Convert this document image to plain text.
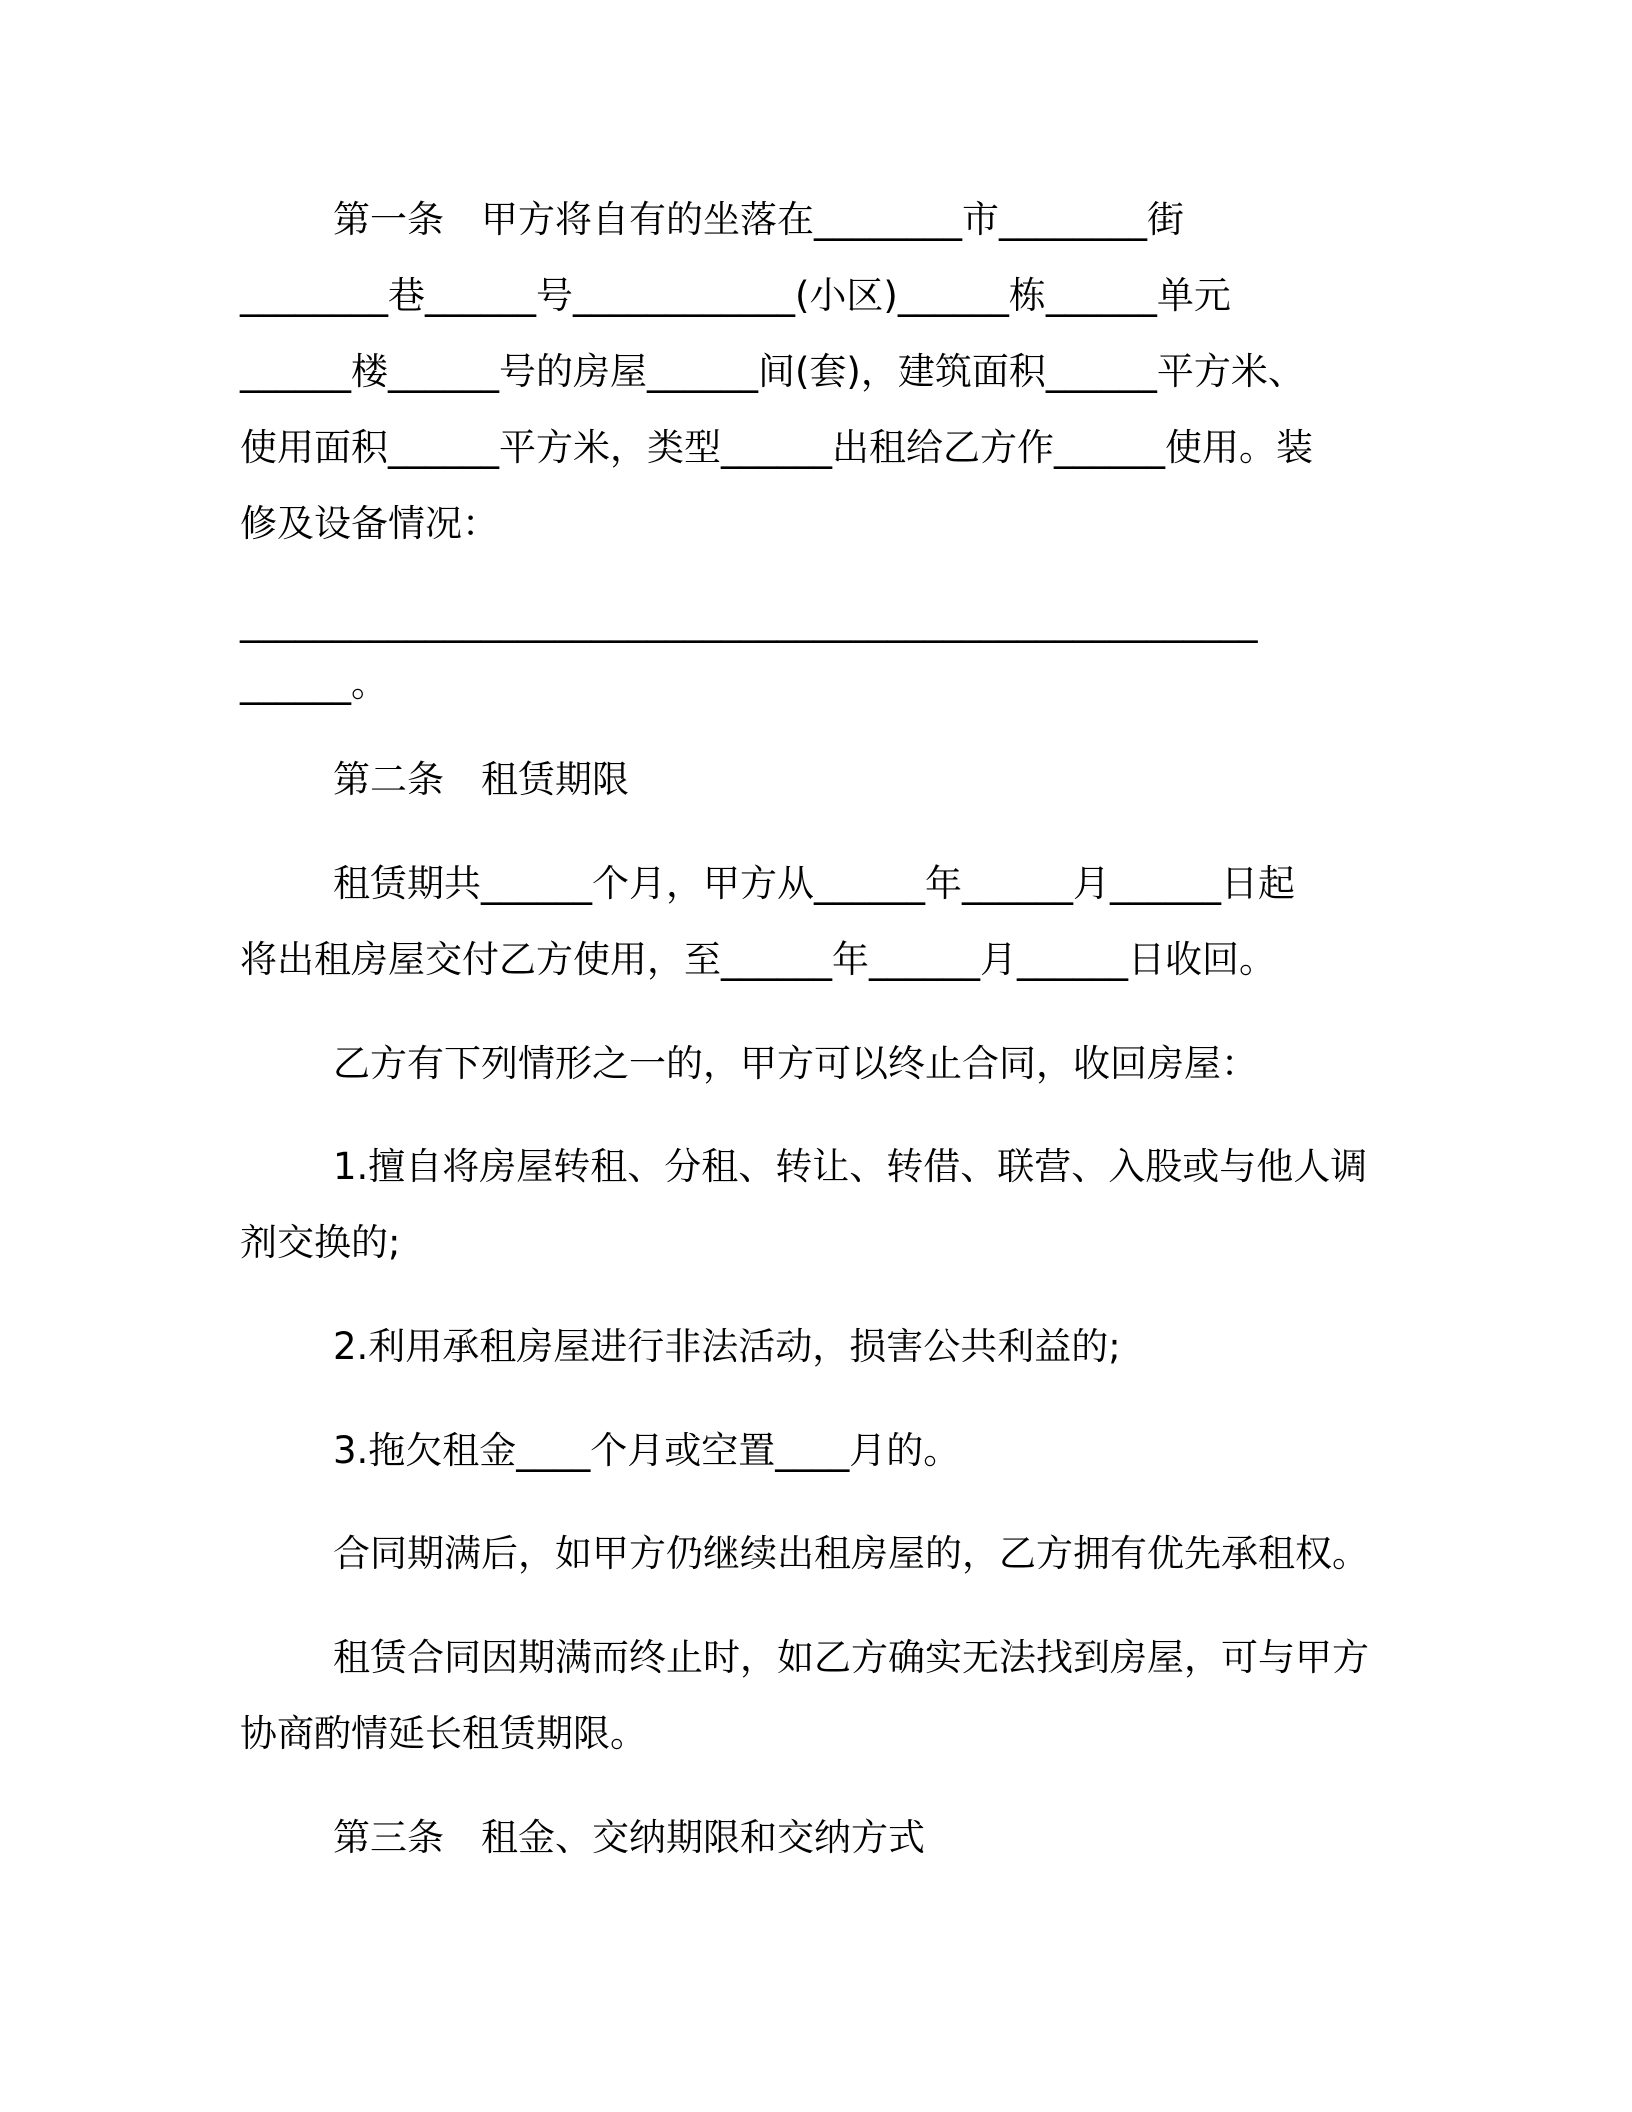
第一条　甲方将自有的坐落在________市________街
________巷______号____________(小区)______栋______单元
______楼______号的房屋______间(套)，建筑面积______平方米、
使用面积______平方米，类型______出租给乙方作______使用。装
修及设备情况：
_______________________________________________________
______。
第二条　租赁期限
租赁期共______个月，甲方从______年______月______日起
将出租房屋交付乙方使用，至______年______月______日收回。
乙方有下列情形之一的，甲方可以终止合同，收回房屋：
1.擅自将房屋转租、分租、转让、转借、联营、入股或与他人调
剂交换的;
2.利用承租房屋进行非法活动，损害公共利益的;
3.拖欠租金____个月或空置____月的。
合同期满后，如甲方仍继续出租房屋的，乙方拥有优先承租权。
租赁合同因期满而终止时，如乙方确实无法找到房屋，可与甲方
协商酌情延长租赁期限。
第三条　租金、交纳期限和交纳方式
